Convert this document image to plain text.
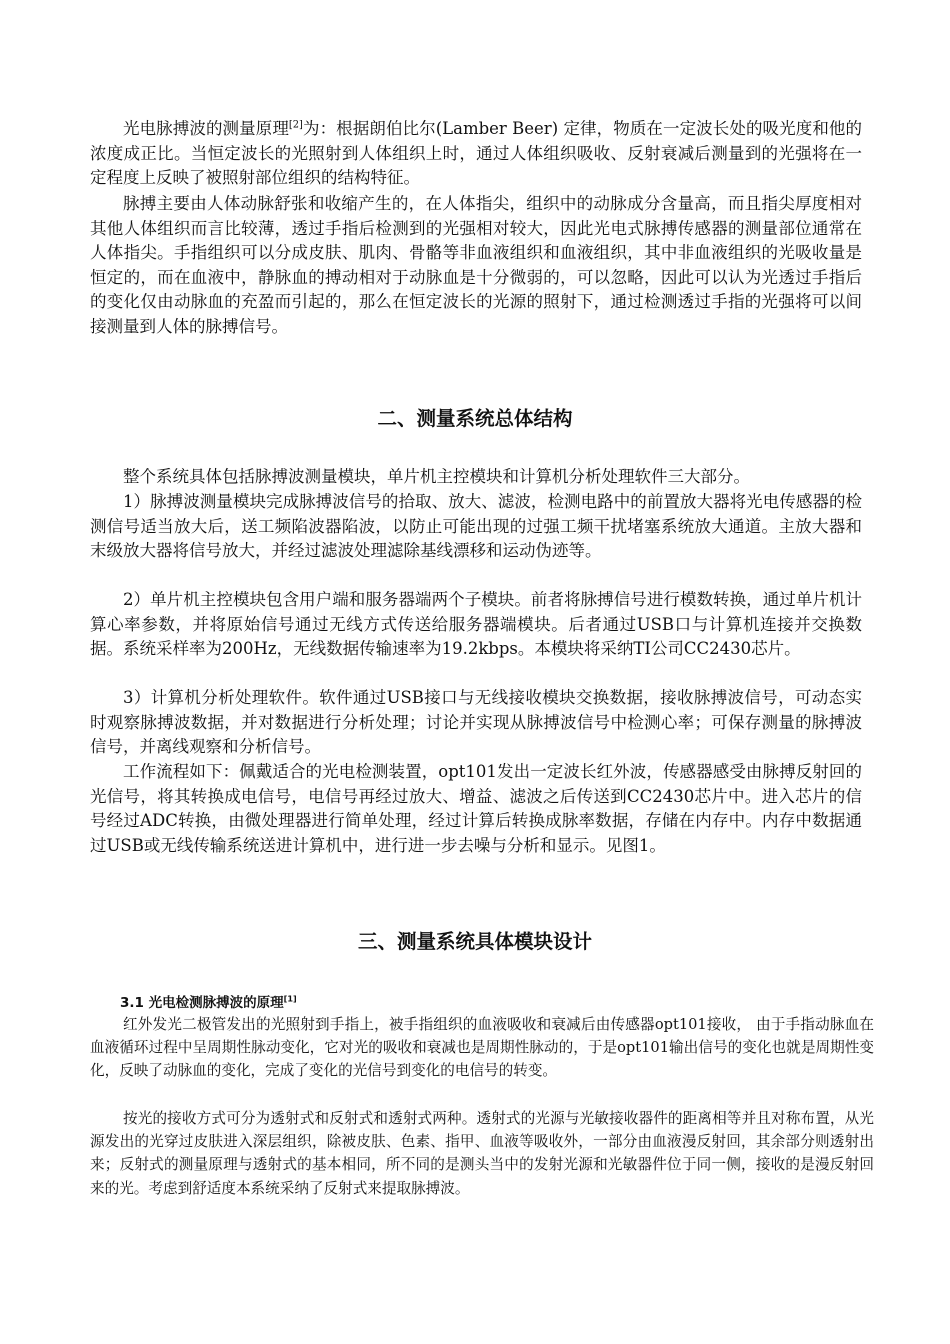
光电脉搏波的测量原理[2]为：根据朗伯比尔(Lamber Beer) 定律，物质在一定波长处的吸光度和他的浓度成正比。当恒定波长的光照射到人体组织上时，通过人体组织吸收、反射衰减后测量到的光强将在一定程度上反映了被照射部位组织的结构特征。

脉搏主要由人体动脉舒张和收缩产生的，在人体指尖，组织中的动脉成分含量高，而且指尖厚度相对其他人体组织而言比较薄，透过手指后检测到的光强相对较大，因此光电式脉搏传感器的测量部位通常在人体指尖。手指组织可以分成皮肤、肌肉、骨骼等非血液组织和血液组织，其中非血液组织的光吸收量是恒定的，而在血液中，静脉血的搏动相对于动脉血是十分微弱的，可以忽略，因此可以认为光透过手指后的变化仅由动脉血的充盈而引起的，那么在恒定波长的光源的照射下，通过检测透过手指的光强将可以间接测量到人体的脉搏信号。

二、测量系统总体结构

整个系统具体包括脉搏波测量模块，单片机主控模块和计算机分析处理软件三大部分。

1）脉搏波测量模块完成脉搏波信号的拾取、放大、滤波，检测电路中的前置放大器将光电传感器的检测信号适当放大后，送工频陷波器陷波，以防止可能出现的过强工频干扰堵塞系统放大通道。主放大器和末级放大器将信号放大，并经过滤波处理滤除基线漂移和运动伪迹等。

2）单片机主控模块包含用户端和服务器端两个子模块。前者将脉搏信号进行模数转换，通过单片机计算心率参数，并将原始信号通过无线方式传送给服务器端模块。后者通过USB口与计算机连接并交换数据。系统采样率为200Hz，无线数据传输速率为19.2kbps。本模块将采纳TI公司CC2430芯片。

3）计算机分析处理软件。软件通过USB接口与无线接收模块交换数据，接收脉搏波信号，可动态实时观察脉搏波数据，并对数据进行分析处理；讨论并实现从脉搏波信号中检测心率；可保存测量的脉搏波信号，并离线观察和分析信号。

工作流程如下：佩戴适合的光电检测装置，opt101发出一定波长红外波，传感器感受由脉搏反射回的光信号，将其转换成电信号，电信号再经过放大、增益、滤波之后传送到CC2430芯片中。进入芯片的信号经过ADC转换，由微处理器进行简单处理，经过计算后转换成脉率数据，存储在内存中。内存中数据通过USB或无线传输系统送进计算机中，进行进一步去噪与分析和显示。见图1。

三、测量系统具体模块设计
3.1 光电检测脉搏波的原理[1]

红外发光二极管发出的光照射到手指上，被手指组织的血液吸收和衰减后由传感器opt101接收， 由于手指动脉血在血液循环过程中呈周期性脉动变化，它对光的吸收和衰减也是周期性脉动的，于是opt101输出信号的变化也就是周期性变化，反映了动脉血的变化，完成了变化的光信号到变化的电信号的转变。

按光的接收方式可分为透射式和反射式和透射式两种。透射式的光源与光敏接收器件的距离相等并且对称布置，从光源发出的光穿过皮肤进入深层组织，除被皮肤、色素、指甲、血液等吸收外，一部分由血液漫反射回，其余部分则透射出来；反射式的测量原理与透射式的基本相同，所不同的是测头当中的发射光源和光敏器件位于同一侧，接收的是漫反射回来的光。考虑到舒适度本系统采纳了反射式来提取脉搏波。
